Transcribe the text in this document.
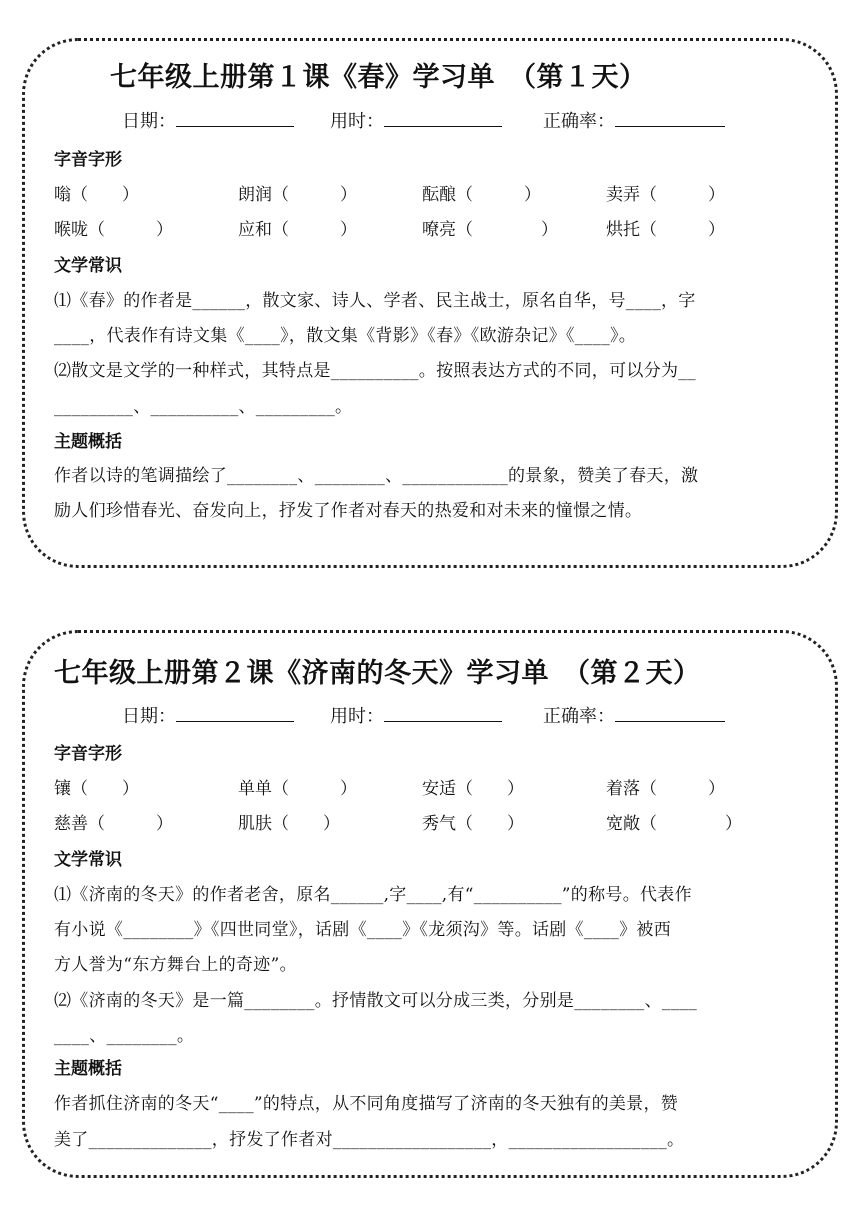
七年级上册第１课《春》学习单　（第１天）
日期：	用时：	正确率：
字音字形
嗡（　　）	朗润（　　　）	酝酿（　　　）	卖弄（　　　）
喉咙（　　　）	应和（　　　）	嘹亮（　　　　）	烘托（　　　）
文学常识
⑴《春》的作者是______，散文家、诗人、学者、民主战士，原名自华，号____，字
____，代表作有诗文集《____》，散文集《背影》《春》《欧游杂记》《____》。
⑵散文是文学的一种样式，其特点是__________。按照表达方式的不同，可以分为__
_________、__________、_________。
主题概括
作者以诗的笔调描绘了________、________、____________的景象，赞美了春天，激
励人们珍惜春光、奋发向上，抒发了作者对春天的热爱和对未来的憧憬之情。
七年级上册第２课《济南的冬天》学习单　（第２天）
日期：	用时：	正确率：
字音字形
镶（　　）	单单（　　　）	安适（　　）	着落（　　　）
慈善（　　　）	肌肤（　　）	秀气（　　）	宽敞（　　　　）
文学常识
⑴《济南的冬天》的作者老舍，原名______,字____,有“__________”的称号。代表作
有小说《________》《四世同堂》，话剧《____》《龙须沟》等。话剧《____》被西
方人誉为“东方舞台上的奇迹”。
⑵《济南的冬天》是一篇________。抒情散文可以分成三类，分别是________、____
____、________。
主题概括
作者抓住济南的冬天“____”的特点，从不同角度描写了济南的冬天独有的美景，赞
美了______________，抒发了作者对__________________，__________________。
